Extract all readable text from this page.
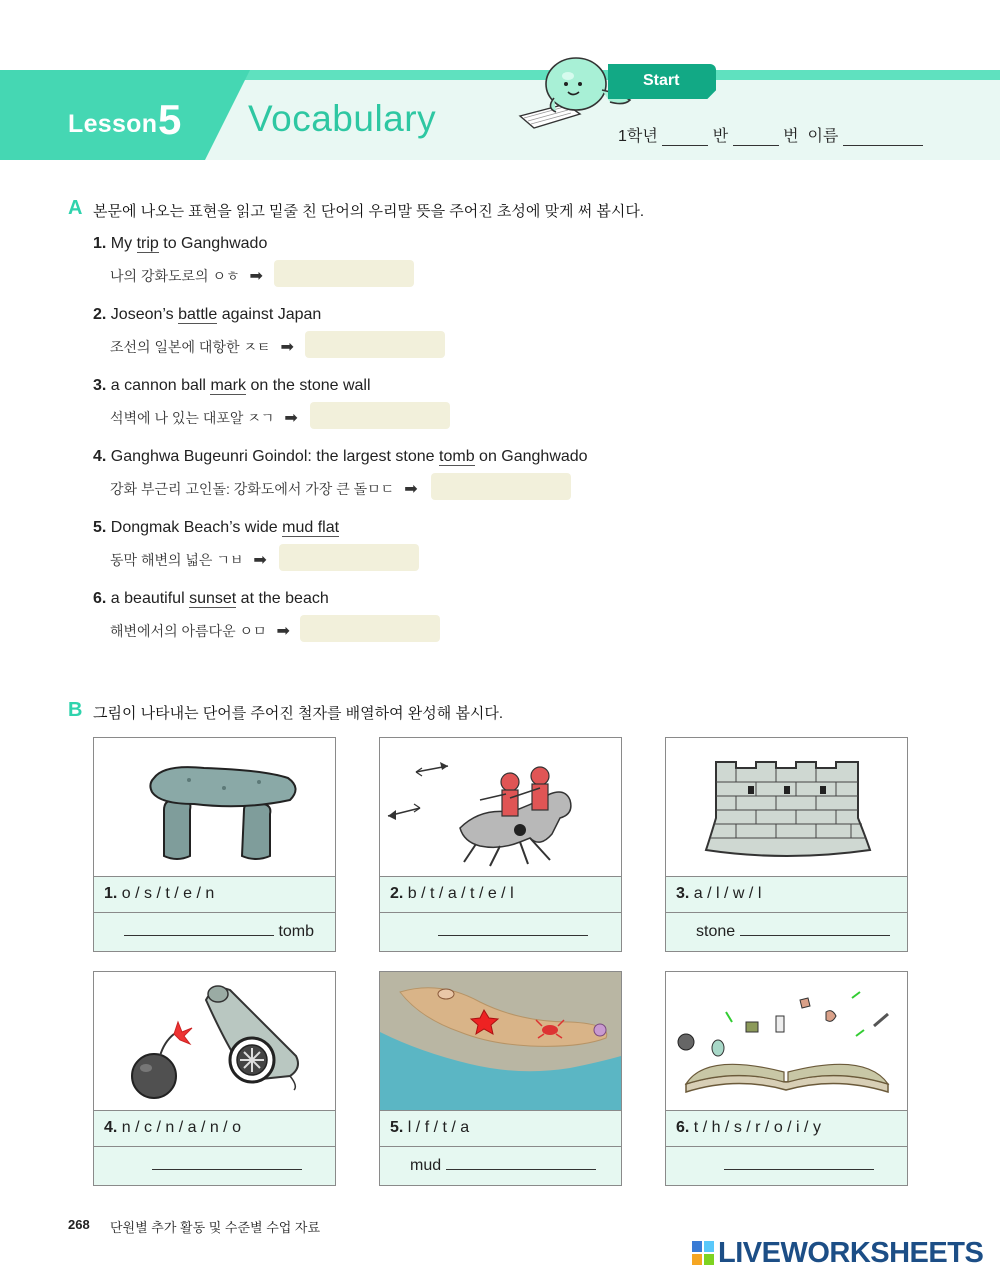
Lesson 5 Vocabulary
Start
1학년	반	번 이름
A 본문에 나오는 표현을 읽고 밑줄 친 단어의 우리말 뜻을 주어진 초성에 맞게 써 봅시다.
1. My trip to Ganghwado
나의 강화도로의 ㅇㅎ ➡
2. Joseon’s battle against Japan
조선의 일본에 대항한 ㅈㅌ ➡
3. a cannon ball mark on the stone wall
석벽에 나 있는 대포알 ㅈㄱ ➡
4. Ganghwa Bugeunri Goindol: the largest stone tomb on Ganghwado
강화 부근리 고인돌: 강화도에서 가장 큰 돌ㅁㄷ ➡
5. Dongmak Beach’s wide mud flat
동막 해변의 넓은 ㄱㅂ ➡
6. a beautiful sunset at the beach
해변에서의 아름다운 ㅇㅁ ➡
B 그림이 나타내는 단어를 주어진 철자를 배열하여 완성해 봅시다.
1. o / s / t / e / n
tomb
2. b / t / a / t / e / l	3. a / l / w / l
stone
4. n / c / n / a / n / o	5. l / f / t / a
mud
6. t / h / s / r / o / i / y
268 단원별 추가 활동 및 수준별 수업 자료
LIVEWORKSHEETS
